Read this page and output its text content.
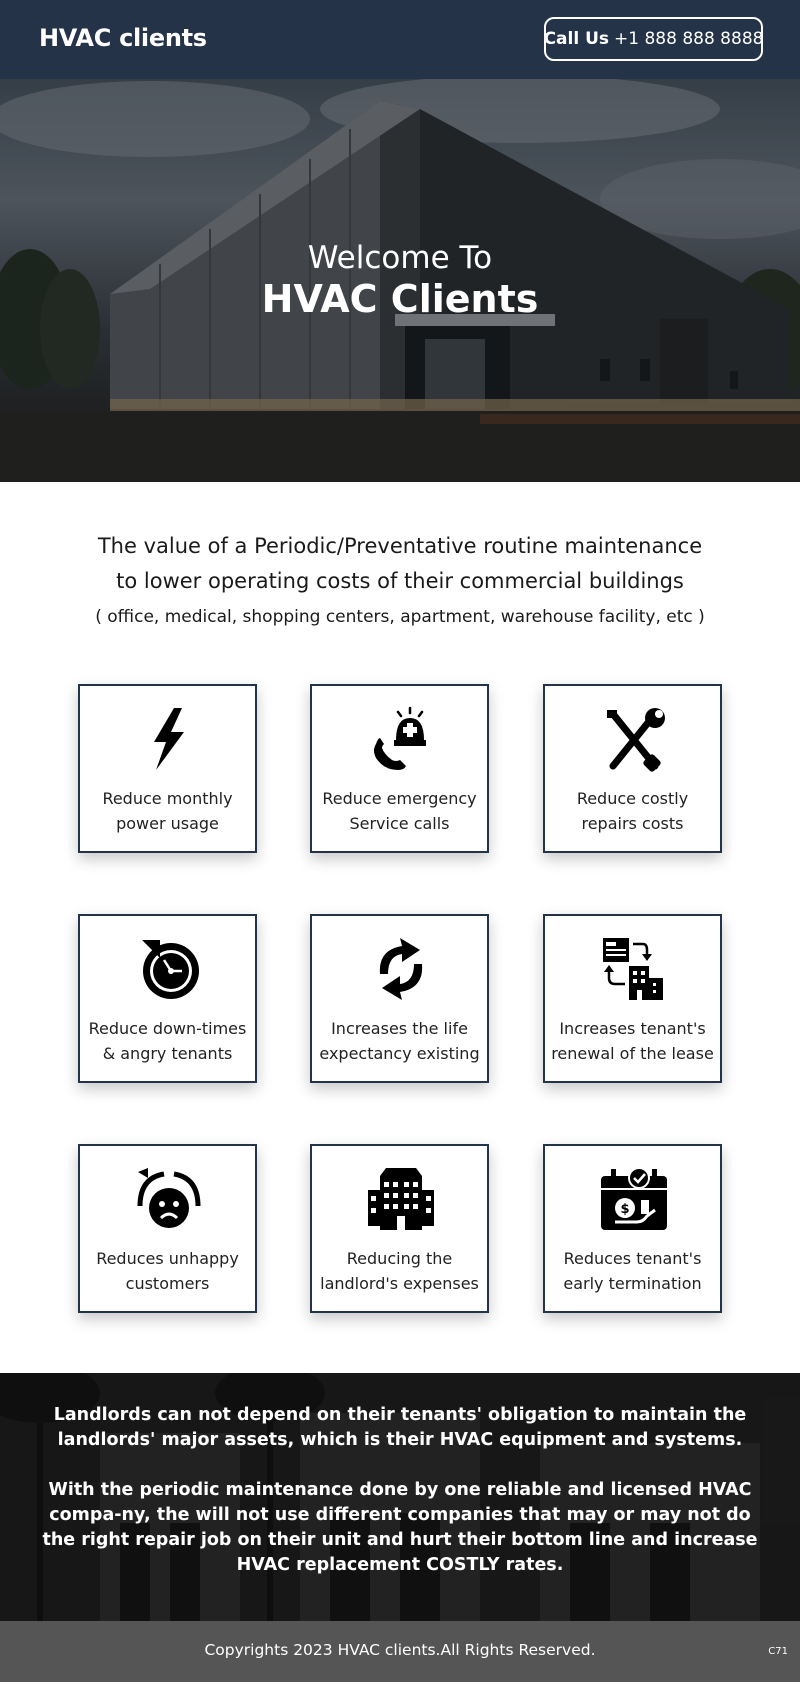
HVAC clients	Call Us +1 888 888 8888
Welcome To
HVAC Clients
The value of a Periodic/Preventative routine maintenance
to lower operating costs of their commercial buildings
( office, medical, shopping centers, apartment, warehouse facility, etc )
Reduce monthly
power usage
Reduce emergency
Service calls
Reduce costly
repairs costs
Reduce down-times
& angry tenants
Increases the life
expectancy existing
Increases tenant's
renewal of the lease
Reduces unhappy
customers
Reducing the
landlord's expenses
$
Reduces tenant's
early termination
Landlords can not depend on their tenants' obligation to maintain the landlords' major assets, which is their HVAC equipment and systems.
With the periodic maintenance done by one reliable and licensed HVAC compa-ny, the will not use different companies that may or may not do the right repair job on their unit and hurt their bottom line and increase HVAC replacement COSTLY rates.
Copyrights 2023 HVAC clients.All Rights Reserved.	C71
